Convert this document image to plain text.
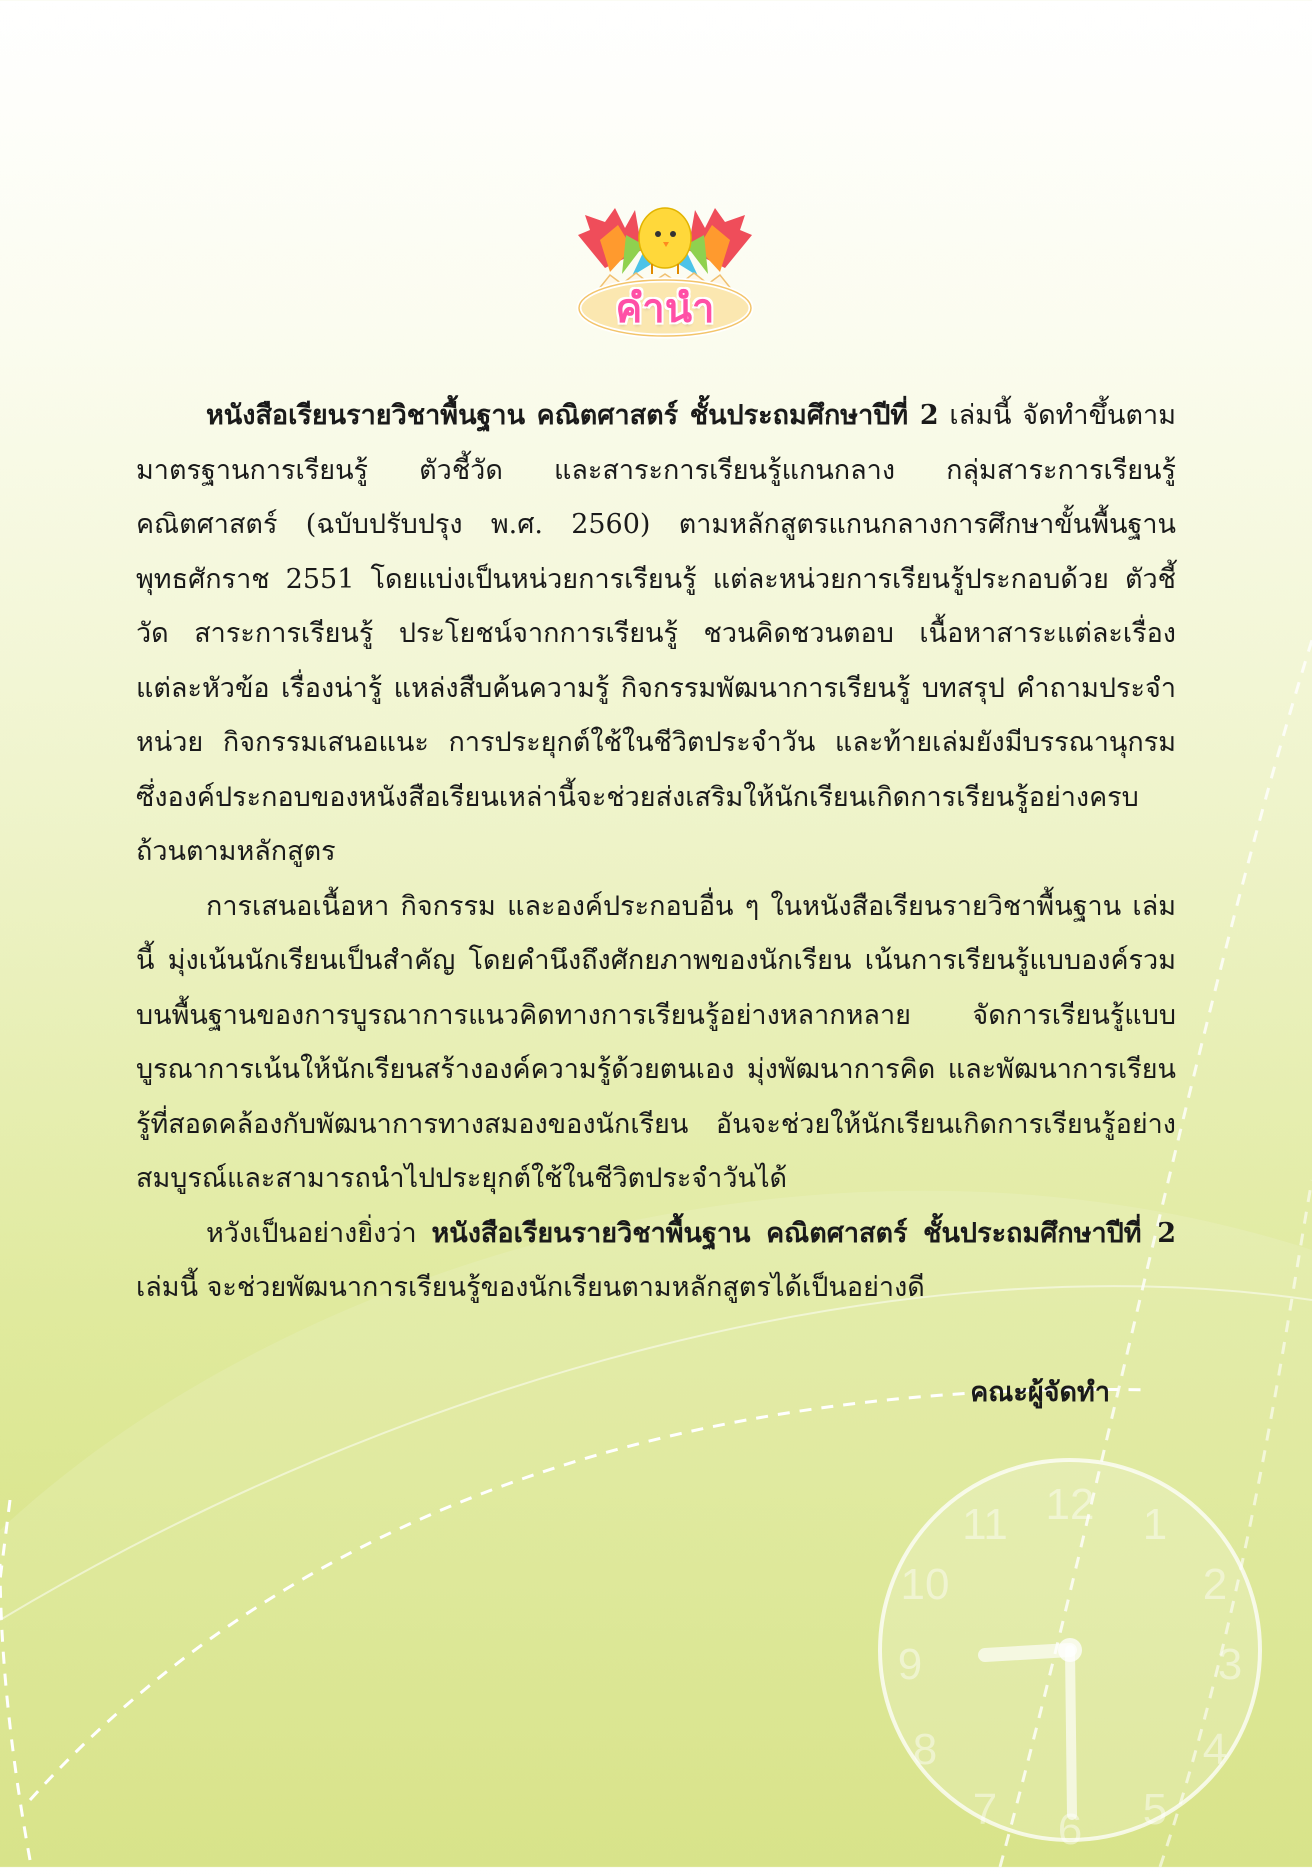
คำนำ

หนังสือเรียนรายวิชาพื้นฐาน คณิตศาสตร์ ชั้นประถมศึกษาปีที่ 2 เล่มนี้ จัดทำขึ้นตามมาตรฐานการเรียนรู้ ตัวชี้วัด และสาระการเรียนรู้แกนกลาง กลุ่มสาระการเรียนรู้คณิตศาสตร์ (ฉบับปรับปรุง พ.ศ. 2560) ตามหลักสูตรแกนกลางการศึกษาขั้นพื้นฐาน พุทธศักราช 2551 โดยแบ่งเป็นหน่วยการเรียนรู้ แต่ละหน่วยการเรียนรู้ประกอบด้วย ตัวชี้วัด สาระการเรียนรู้ ประโยชน์จากการเรียนรู้ ชวนคิดชวนตอบ เนื้อหาสาระแต่ละเรื่อง แต่ละหัวข้อ เรื่องน่ารู้ แหล่งสืบค้นความรู้ กิจกรรมพัฒนาการเรียนรู้ บทสรุป คำถามประจำหน่วย กิจกรรมเสนอแนะ การประยุกต์ใช้ในชีวิตประจำวัน และท้ายเล่มยังมีบรรณานุกรม ซึ่งองค์ประกอบของหนังสือเรียนเหล่านี้จะช่วยส่งเสริมให้นักเรียนเกิดการเรียนรู้อย่างครบถ้วนตามหลักสูตร

การเสนอเนื้อหา กิจกรรม และองค์ประกอบอื่น ๆ ในหนังสือเรียนรายวิชาพื้นฐาน เล่มนี้ มุ่งเน้นนักเรียนเป็นสำคัญ โดยคำนึงถึงศักยภาพของนักเรียน เน้นการเรียนรู้แบบองค์รวมบนพื้นฐานของการบูรณาการแนวคิดทางการเรียนรู้อย่างหลากหลาย จัดการเรียนรู้แบบบูรณาการเน้นให้นักเรียนสร้างองค์ความรู้ด้วยตนเอง มุ่งพัฒนาการคิด และพัฒนาการเรียนรู้ที่สอดคล้องกับพัฒนาการทางสมองของนักเรียน อันจะช่วยให้นักเรียนเกิดการเรียนรู้อย่างสมบูรณ์และสามารถนำไปประยุกต์ใช้ในชีวิตประจำวันได้

หวังเป็นอย่างยิ่งว่า หนังสือเรียนรายวิชาพื้นฐาน คณิตศาสตร์ ชั้นประถมศึกษาปีที่ 2 เล่มนี้ จะช่วยพัฒนาการเรียนรู้ของนักเรียนตามหลักสูตรได้เป็นอย่างดี

คณะผู้จัดทำ
12	1
2
3
4
5
6
7
8
9
10
11
